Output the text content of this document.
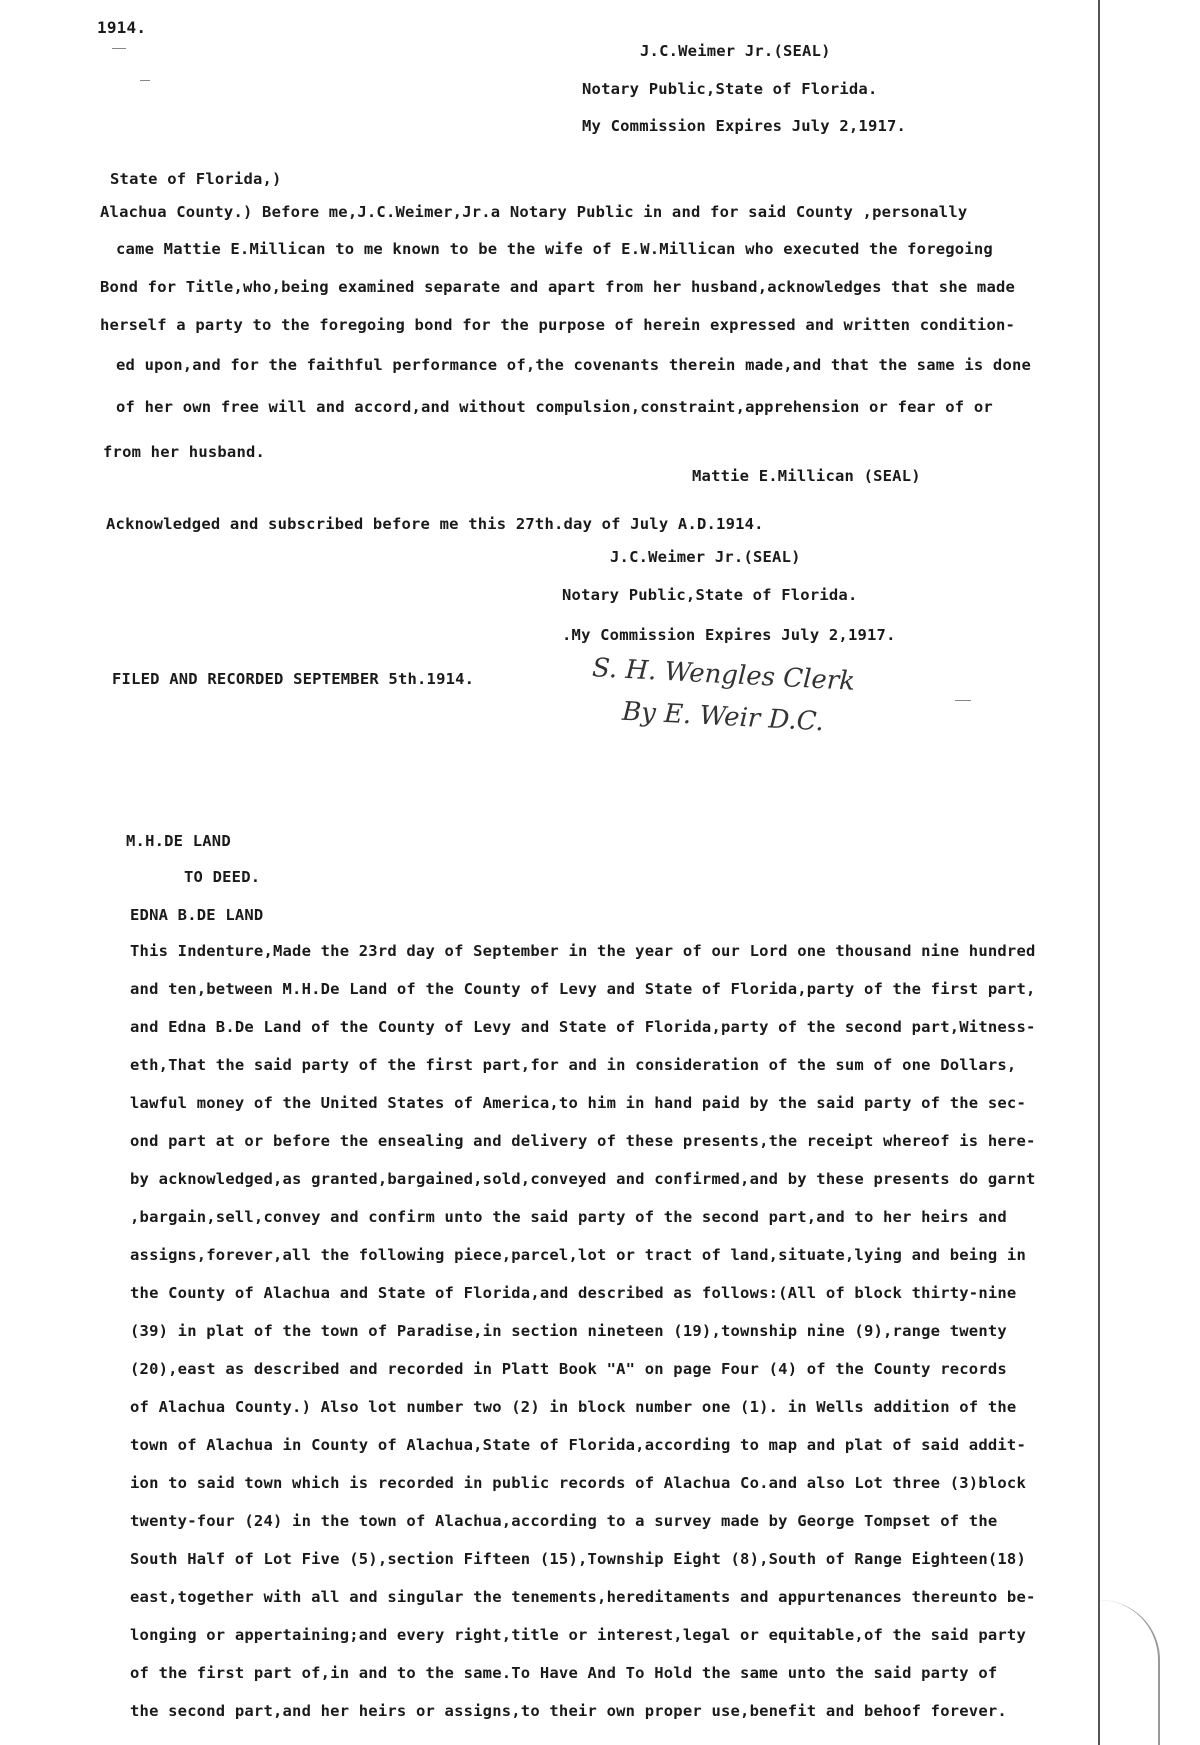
1914.
J.C.Weimer Jr.(SEAL)
Notary Public,State of Florida.
My Commission Expires July 2,1917.
State of Florida,)
Alachua County.) Before me,J.C.Weimer,Jr.a Notary Public in and for said County ,personally
came Mattie E.Millican to me known to be the wife of E.W.Millican who executed the foregoing
Bond for Title,who,being examined separate and apart from her husband,acknowledges that she made
herself a party to the foregoing bond for the purpose of herein expressed and written condition-
ed upon,and for the faithful performance of,the covenants therein made,and that the same is done
of her own free will and accord,and without compulsion,constraint,apprehension or fear of or
from her husband.
Mattie E.Millican (SEAL)
Acknowledged and subscribed before me this 27th.day of July A.D.1914.
J.C.Weimer Jr.(SEAL)
Notary Public,State of Florida.
.My Commission Expires July 2,1917.
FILED AND RECORDED SEPTEMBER 5th.1914.	S. H. Wengles Clerk
By E. Weir D.C.
M.H.DE LAND
TO DEED.
EDNA B.DE LAND
This Indenture,Made the 23rd day of September in the year of our Lord one thousand nine hundred
and ten,between M.H.De Land of the County of Levy and State of Florida,party of the first part,
and Edna B.De Land of the County of Levy and State of Florida,party of the second part,Witness-
eth,That the said party of the first part,for and in consideration of the sum of one Dollars,
lawful money of the United States of America,to him in hand paid by the said party of the sec-
ond part at or before the ensealing and delivery of these presents,the receipt whereof is here-
by acknowledged,as granted,bargained,sold,conveyed and confirmed,and by these presents do garnt
,bargain,sell,convey and confirm unto the said party of the second part,and to her heirs and
assigns,forever,all the following piece,parcel,lot or tract of land,situate,lying and being in
the County of Alachua and State of Florida,and described as follows:(All of block thirty-nine
(39) in plat of the town of Paradise,in section nineteen (19),township nine (9),range twenty
(20),east as described and recorded in Platt Book "A" on page Four (4) of the County records
of Alachua County.) Also lot number two (2) in block number one (1). in Wells addition of the
town of Alachua in County of Alachua,State of Florida,according to map and plat of said addit-
ion to said town which is recorded in public records of Alachua Co.and also Lot three (3)block
twenty-four (24) in the town of Alachua,according to a survey made by George Tompset of the
South Half of Lot Five (5),section Fifteen (15),Township Eight (8),South of Range Eighteen(18)
east,together with all and singular the tenements,hereditaments and appurtenances thereunto be-
longing or appertaining;and every right,title or interest,legal or equitable,of the said party
of the first part of,in and to the same.To Have And To Hold the same unto the said party of
the second part,and her heirs or assigns,to their own proper use,benefit and behoof forever.
